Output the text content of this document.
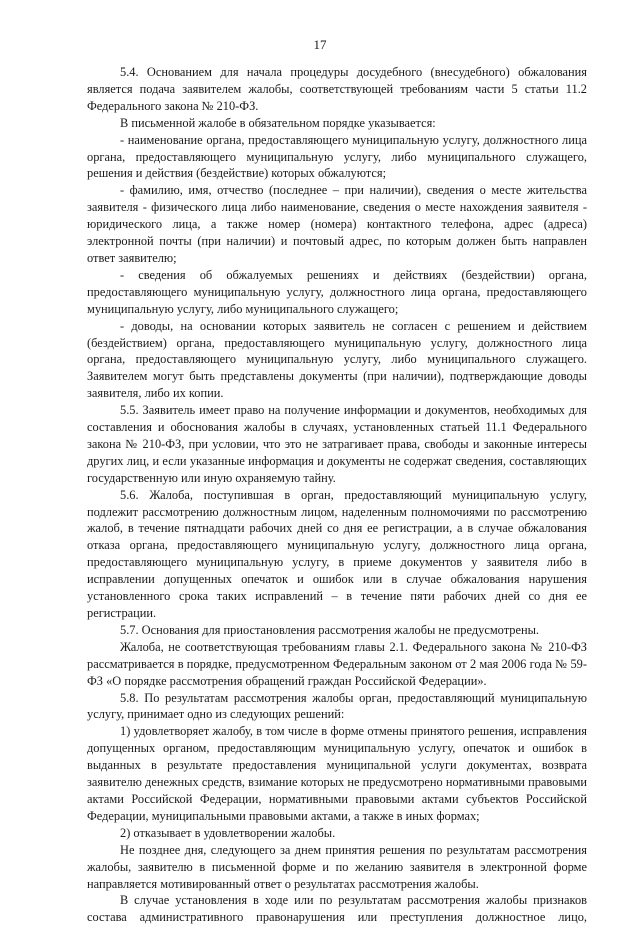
17

5.4. Основанием для начала процедуры досудебного (внесудебного) обжалования является подача заявителем жалобы, соответствующей требованиям части 5 статьи 11.2 Федерального закона № 210-ФЗ.

В письменной жалобе в обязательном порядке указывается:

- наименование органа, предоставляющего муниципальную услугу, должностного лица органа, предоставляющего муниципальную услугу, либо муниципального служащего, решения и действия (бездействие) которых обжалуются;

- фамилию, имя, отчество (последнее – при наличии), сведения о месте жительства заявителя - физического лица либо наименование, сведения о месте нахождения заявителя - юридического лица, а также номер (номера) контактного телефона, адрес (адреса) электронной почты (при наличии) и почтовый адрес, по которым должен быть направлен ответ заявителю;

- сведения об обжалуемых решениях и действиях (бездействии) органа, предоставляющего муниципальную услугу, должностного лица органа, предоставляющего муниципальную услугу, либо муниципального служащего;

- доводы, на основании которых заявитель не согласен с решением и действием (бездействием) органа, предоставляющего муниципальную услугу, должностного лица органа, предоставляющего муниципальную услугу, либо муниципального служащего. Заявителем могут быть представлены документы (при наличии), подтверждающие доводы заявителя, либо их копии.

5.5. Заявитель имеет право на получение информации и документов, необходимых для составления и обоснования жалобы в случаях, установленных статьей 11.1 Федерального закона № 210-ФЗ, при условии, что это не затрагивает права, свободы и законные интересы других лиц, и если указанные информация и документы не содержат сведения, составляющих государственную или иную охраняемую тайну.

5.6. Жалоба, поступившая в орган, предоставляющий муниципальную услугу, подлежит рассмотрению должностным лицом, наделенным полномочиями по рассмотрению жалоб, в течение пятнадцати рабочих дней со дня ее регистрации, а в случае обжалования отказа органа, предоставляющего муниципальную услугу, должностного лица органа, предоставляющего муниципальную услугу, в приеме документов у заявителя либо в исправлении допущенных опечаток и ошибок или в случае обжалования нарушения установленного срока таких исправлений – в течение пяти рабочих дней со дня ее регистрации.

5.7. Основания для приостановления рассмотрения жалобы не предусмотрены.

Жалоба, не соответствующая требованиям главы 2.1. Федерального закона № 210-ФЗ рассматривается в порядке, предусмотренном Федеральным законом от 2 мая 2006 года № 59-ФЗ «О порядке рассмотрения обращений граждан Российской Федерации».

5.8. По результатам рассмотрения жалобы орган, предоставляющий муниципальную услугу, принимает одно из следующих решений:

1) удовлетворяет жалобу, в том числе в форме отмены принятого решения, исправления допущенных органом, предоставляющим муниципальную услугу, опечаток и ошибок в выданных в результате предоставления муниципальной услуги документах, возврата заявителю денежных средств, взимание которых не предусмотрено нормативными правовыми актами Российской Федерации, нормативными правовыми актами субъектов Российской Федерации, муниципальными правовыми актами, а также в иных формах;

2) отказывает в удовлетворении жалобы.

Не позднее дня, следующего за днем принятия решения по результатам рассмотрения жалобы, заявителю в письменной форме и по желанию заявителя в электронной форме направляется мотивированный ответ о результатах рассмотрения жалобы.

В случае установления в ходе или по результатам рассмотрения жалобы признаков состава административного правонарушения или преступления должностное лицо,
